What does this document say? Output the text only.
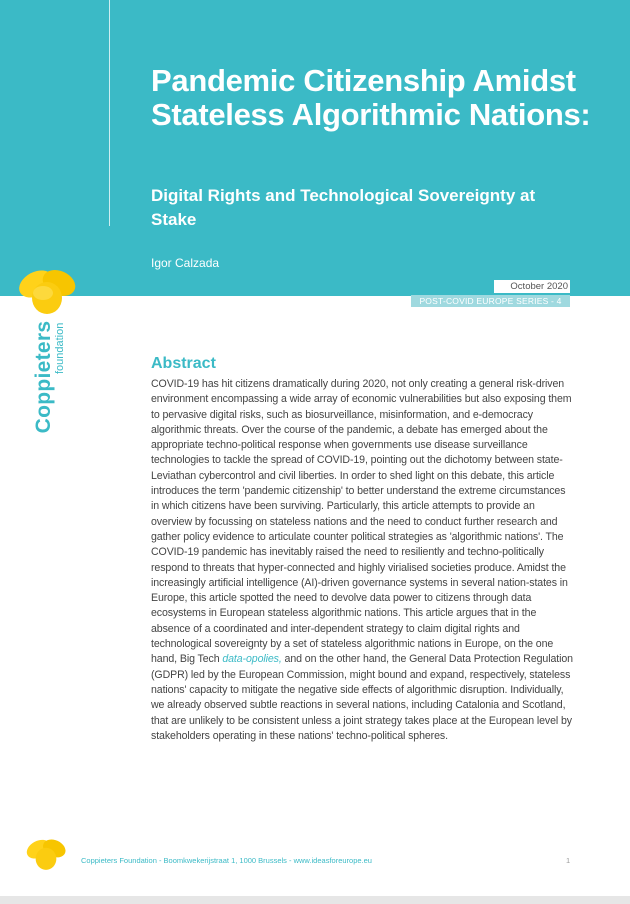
Pandemic Citizenship Amidst Stateless Algorithmic Nations:
Digital Rights and Technological Sovereignty at Stake
Igor Calzada
October 2020
POST-COVID EUROPE SERIES - 4
Coppieters foundation	Abstract

COVID-19 has hit citizens dramatically during 2020, not only creating a general risk-driven environment encompassing a wide array of economic vulnerabilities but also exposing them to pervasive digital risks, such as biosurveillance, misinformation, and e-democracy algorithmic threats. Over the course of the pandemic, a debate has emerged about the appropriate techno-political response when governments use disease surveillance technologies to tackle the spread of COVID-19, pointing out the dichotomy between state-Leviathan cybercontrol and civil liberties. In order to shed light on this debate, this article introduces the term 'pandemic citizenship' to better understand the extreme circumstances in which citizens have been surviving. Particularly, this article attempts to provide an overview by focussing on stateless nations and the need to conduct further research and gather policy evidence to articulate counter political strategies as 'algorithmic nations'. The COVID-19 pandemic has inevitably raised the need to resiliently and techno-politically respond to threats that hyper-connected and highly virialised societies produce. Amidst the increasingly artificial intelligence (AI)-driven governance systems in several nation-states in Europe, this article spotted the need to devolve data power to citizens through data ecosystems in European stateless algorithmic nations. This article argues that in the absence of a coordinated and inter-dependent strategy to claim digital rights and technological sovereignty by a set of stateless algorithmic nations in Europe, on the one hand, Big Tech data-opolies, and on the other hand, the General Data Protection Regulation (GDPR) led by the European Commission, might bound and expand, respectively, stateless nations' capacity to mitigate the negative side effects of algorithmic disruption. Individually, we already observed subtle reactions in several nations, including Catalonia and Scotland, that are unlikely to be consistent unless a joint strategy takes place at the European level by stakeholders operating in these nations' techno-political spheres.

Coppieters Foundation - Boomkwekerijstraat 1, 1000 Brussels - www.ideasforeurope.eu	1
